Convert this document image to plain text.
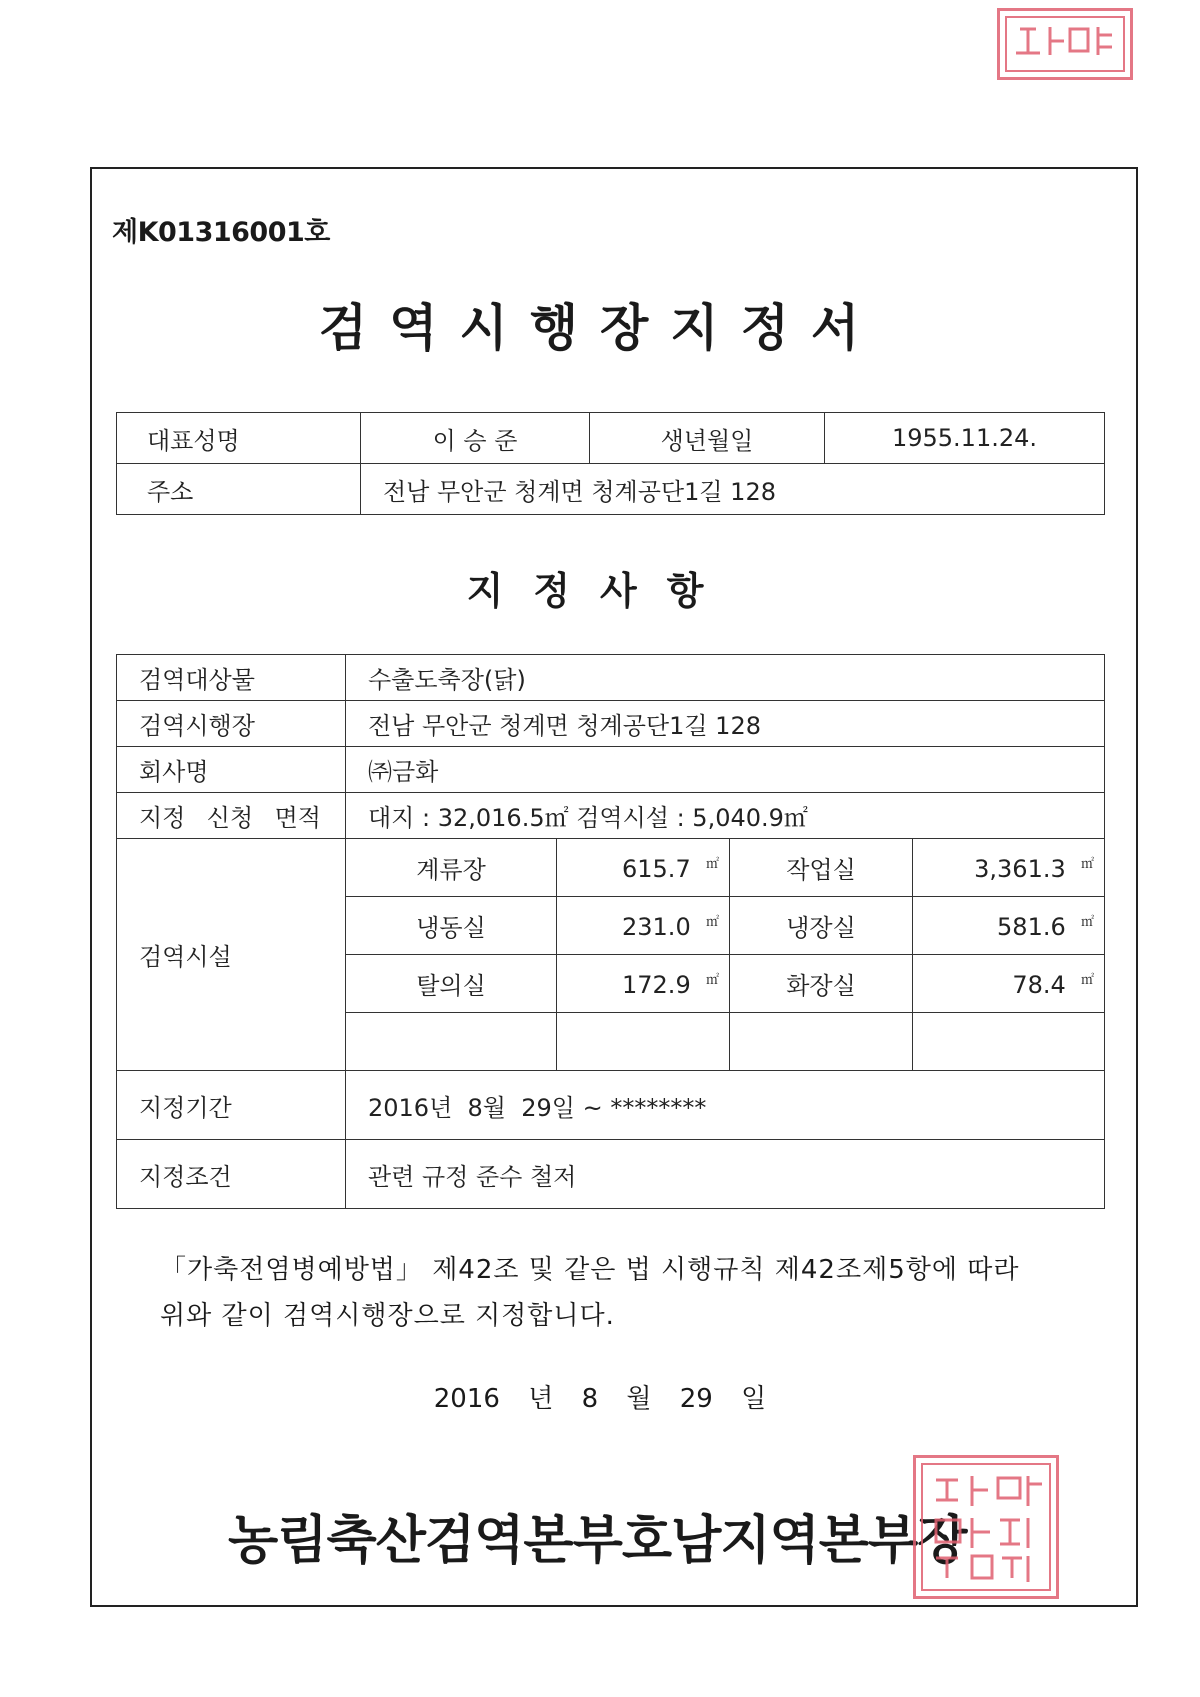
제K01316001호
검역시행장지정서
대표성명	이 승 준	생년월일	1955.11.24.
주소	전남 무안군 청계면 청계공단1길 128		
지정사항
검역대상물	수출도축장(닭)			
검역시행장	전남 무안군 청계면 청계공단1길 128			
회사명	㈜금화			
지정 신청 면적	대지 : 32,016.5㎡ 검역시설 : 5,040.9㎡			
검역시설	계류장	615.7 ㎡	작업실	3,361.3 ㎡
	냉동실	231.0 ㎡	냉장실	581.6 ㎡
	탈의실	172.9 ㎡	화장실	78.4 ㎡

지정기간	2016년  8월  29일 ~ ********			
지정조건	관련 규정 준수 철저			
「가축전염병예방법」 제42조 및 같은 법 시행규칙 제42조제5항에 따라
위와 같이 검역시행장으로 지정합니다.
2016 년 8 월 29 일
농림축산검역본부호남지역본부장
